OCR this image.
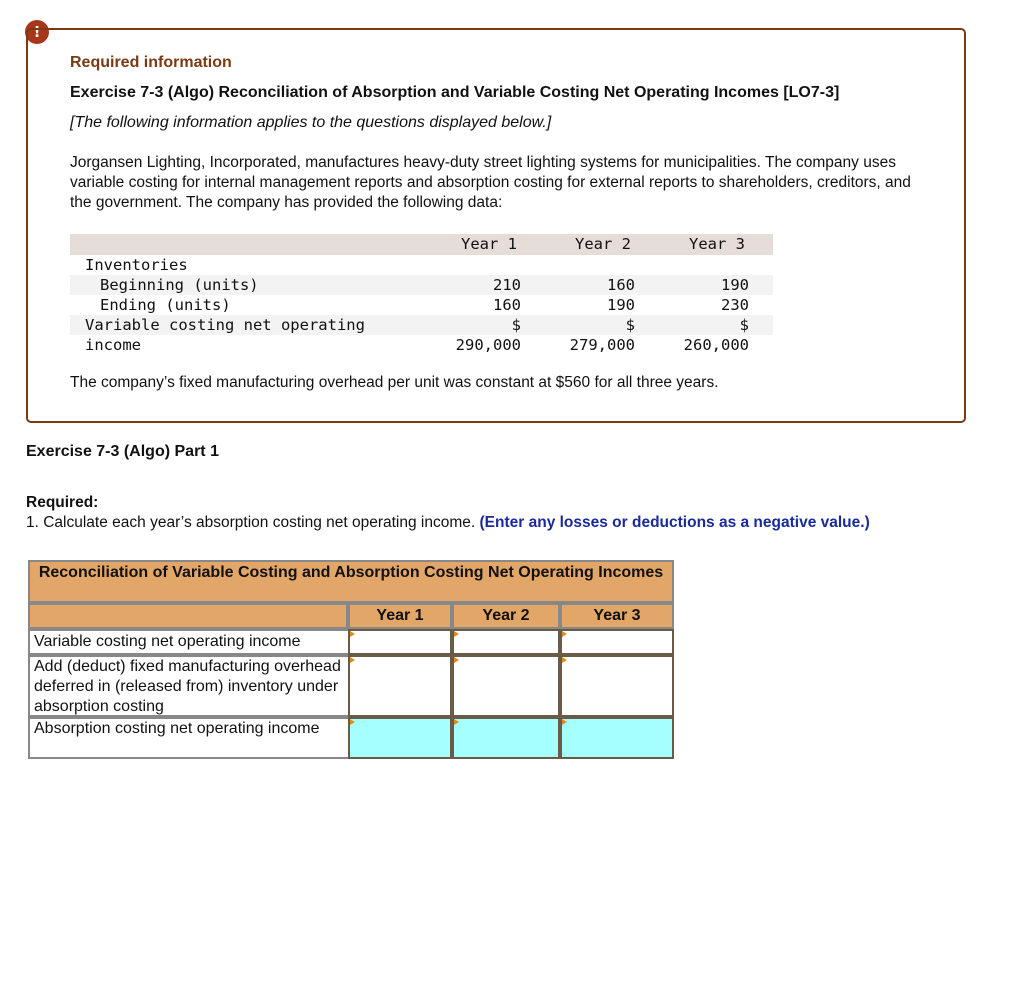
!
Required information
Exercise 7-3 (Algo) Reconciliation of Absorption and Variable Costing Net Operating Incomes [LO7-3]
[The following information applies to the questions displayed below.]
Jorgansen Lighting, Incorporated, manufactures heavy-duty street lighting systems for municipalities. The company uses variable costing for internal management reports and absorption costing for external reports to shareholders, creditors, and the government. The company has provided the following data:
Year 1	Year 2	Year 3
Inventories
Beginning (units)	210	160	190
Ending (units)	160	190	230
Variable costing net operating	$	$	$
income	290,000	279,000	260,000
The company’s fixed manufacturing overhead per unit was constant at $560 for all three years.
Exercise 7-3 (Algo) Part 1
Required:
1. Calculate each year’s absorption costing net operating income. (Enter any losses or deductions as a negative value.)
Reconciliation of Variable Costing and Absorption Costing Net Operating Incomes
Year 1	Year 2	Year 3
Variable costing net operating income
Add (deduct) fixed manufacturing overhead deferred in (released from) inventory under absorption costing
Absorption costing net operating income
